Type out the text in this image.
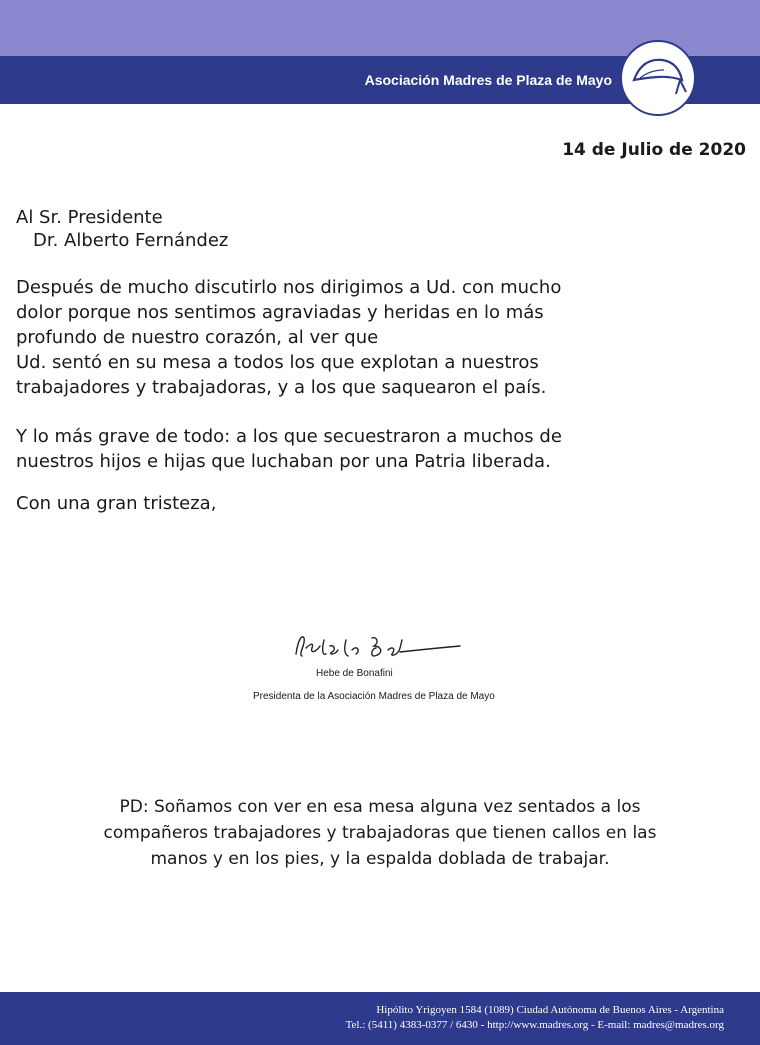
Asociación Madres de Plaza de Mayo
14 de Julio de 2020
Al Sr. Presidente
Dr. Alberto Fernández
Después de mucho discutirlo nos dirigimos a Ud. con mucho
dolor porque nos sentimos agraviadas y heridas en lo más
profundo de nuestro corazón, al ver que
Ud. sentó en su mesa a todos los que explotan a nuestros
trabajadores y trabajadoras, y a los que saquearon el país.
Y lo más grave de todo: a los que secuestraron a muchos de
nuestros hijos e hijas que luchaban por una Patria liberada.
Con una gran tristeza,
Hebe de Bonafini
Presidenta de la Asociación Madres de Plaza de Mayo
PD: Soñamos con ver en esa mesa alguna vez sentados a los
compañeros trabajadores y trabajadoras que tienen callos en las
manos y en los pies, y la espalda doblada de trabajar.
Hipólito Yrigoyen 1584 (1089) Ciudad Autónoma de Buenos Aires - Argentina
Tel.: (5411) 4383-0377 / 6430 - http://www.madres.org - E-mail: madres@madres.org
